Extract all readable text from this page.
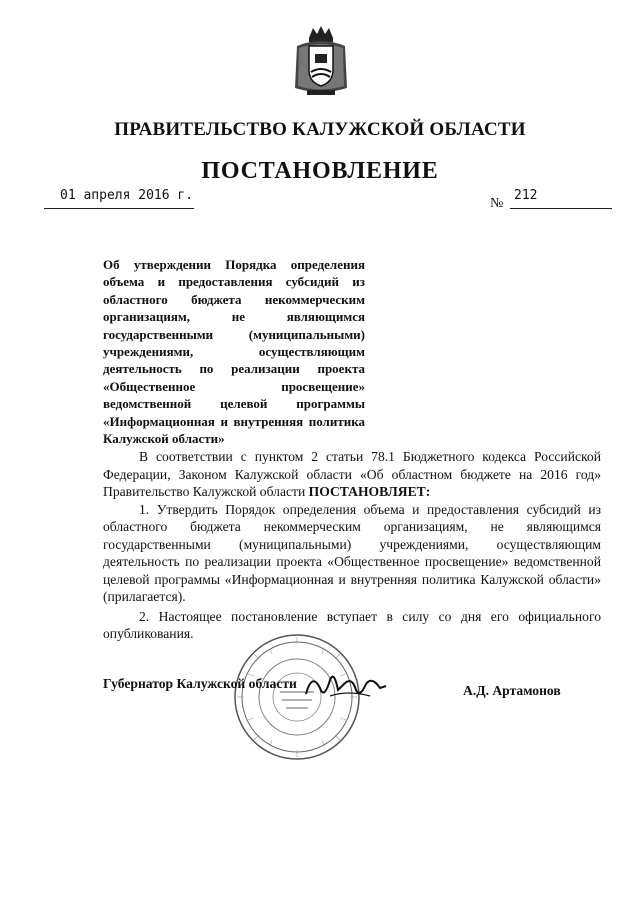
ПРАВИТЕЛЬСТВО КАЛУЖСКОЙ ОБЛАСТИ
ПОСТАНОВЛЕНИЕ
01 апреля 2016 г.
№
212
Об утверждении Порядка определения объема и предоставления субсидий из областного бюджета некоммерческим организациям, не являющимся государственными (муниципальными) учреждениями, осуществляющим деятельность по реализации проекта «Общественное просвещение» ведомственной целевой программы «Информационная и внутренняя политика Калужской области»

В соответствии с пунктом 2 статьи 78.1 Бюджетного кодекса Российской Федерации, Законом Калужской области «Об областном бюджете на 2016 год» Правительство Калужской области ПОСТАНОВЛЯЕТ:

1. Утвердить Порядок определения объема и предоставления субсидий из областного бюджета некоммерческим организациям, не являющимся государственными (муниципальными) учреждениями, осуществляющим деятельность по реализации проекта «Общественное просвещение» ведомственной целевой программы «Информационная и внутренняя политика Калужской области» (прилагается).

2. Настоящее постановление вступает в силу со дня его официального опубликования.

Губернатор Калужской области	А.Д. Артамонов
